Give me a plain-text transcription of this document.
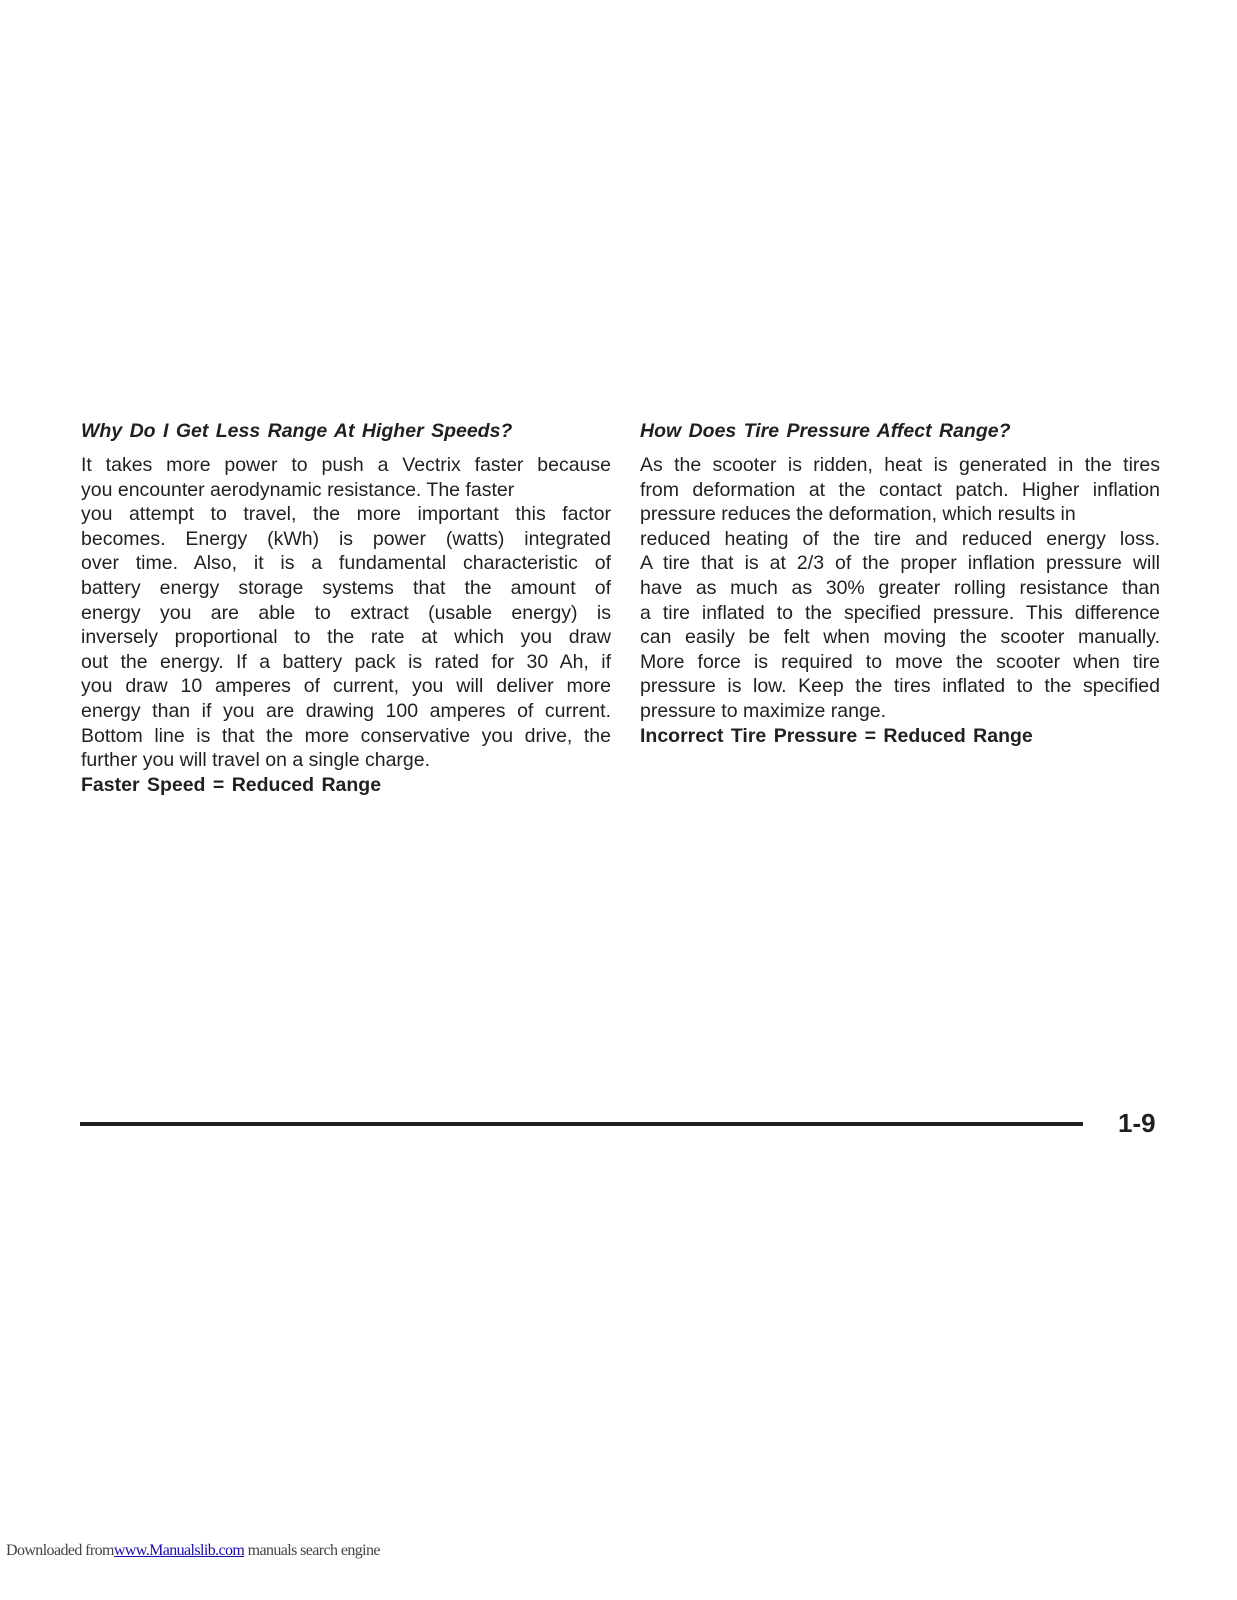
Why Do I Get Less Range At Higher Speeds?
It takes more power to push a Vectrix faster because
you encounter aerodynamic resistance. The faster
you attempt to travel, the more important this factor
becomes. Energy (kWh) is power (watts) integrated
over time. Also, it is a fundamental characteristic of
battery energy storage systems that the amount of
energy you are able to extract (usable energy) is
inversely proportional to the rate at which you draw
out the energy. If a battery pack is rated for 30 Ah, if
you draw 10 amperes of current, you will deliver more
energy than if you are drawing 100 amperes of current.
Bottom line is that the more conservative you drive, the
further you will travel on a single charge.
Faster Speed = Reduced Range
How Does Tire Pressure Affect Range?
As the scooter is ridden, heat is generated in the tires
from deformation at the contact patch. Higher inflation
pressure reduces the deformation, which results in
reduced heating of the tire and reduced energy loss.
A tire that is at 2/3 of the proper inflation pressure will
have as much as 30% greater rolling resistance than
a tire inflated to the specified pressure. This difference
can easily be felt when moving the scooter manually.
More force is required to move the scooter when tire
pressure is low. Keep the tires inflated to the specified
pressure to maximize range.
Incorrect Tire Pressure = Reduced Range
1-9
Downloaded fromwww.Manualslib.com manuals search engine
